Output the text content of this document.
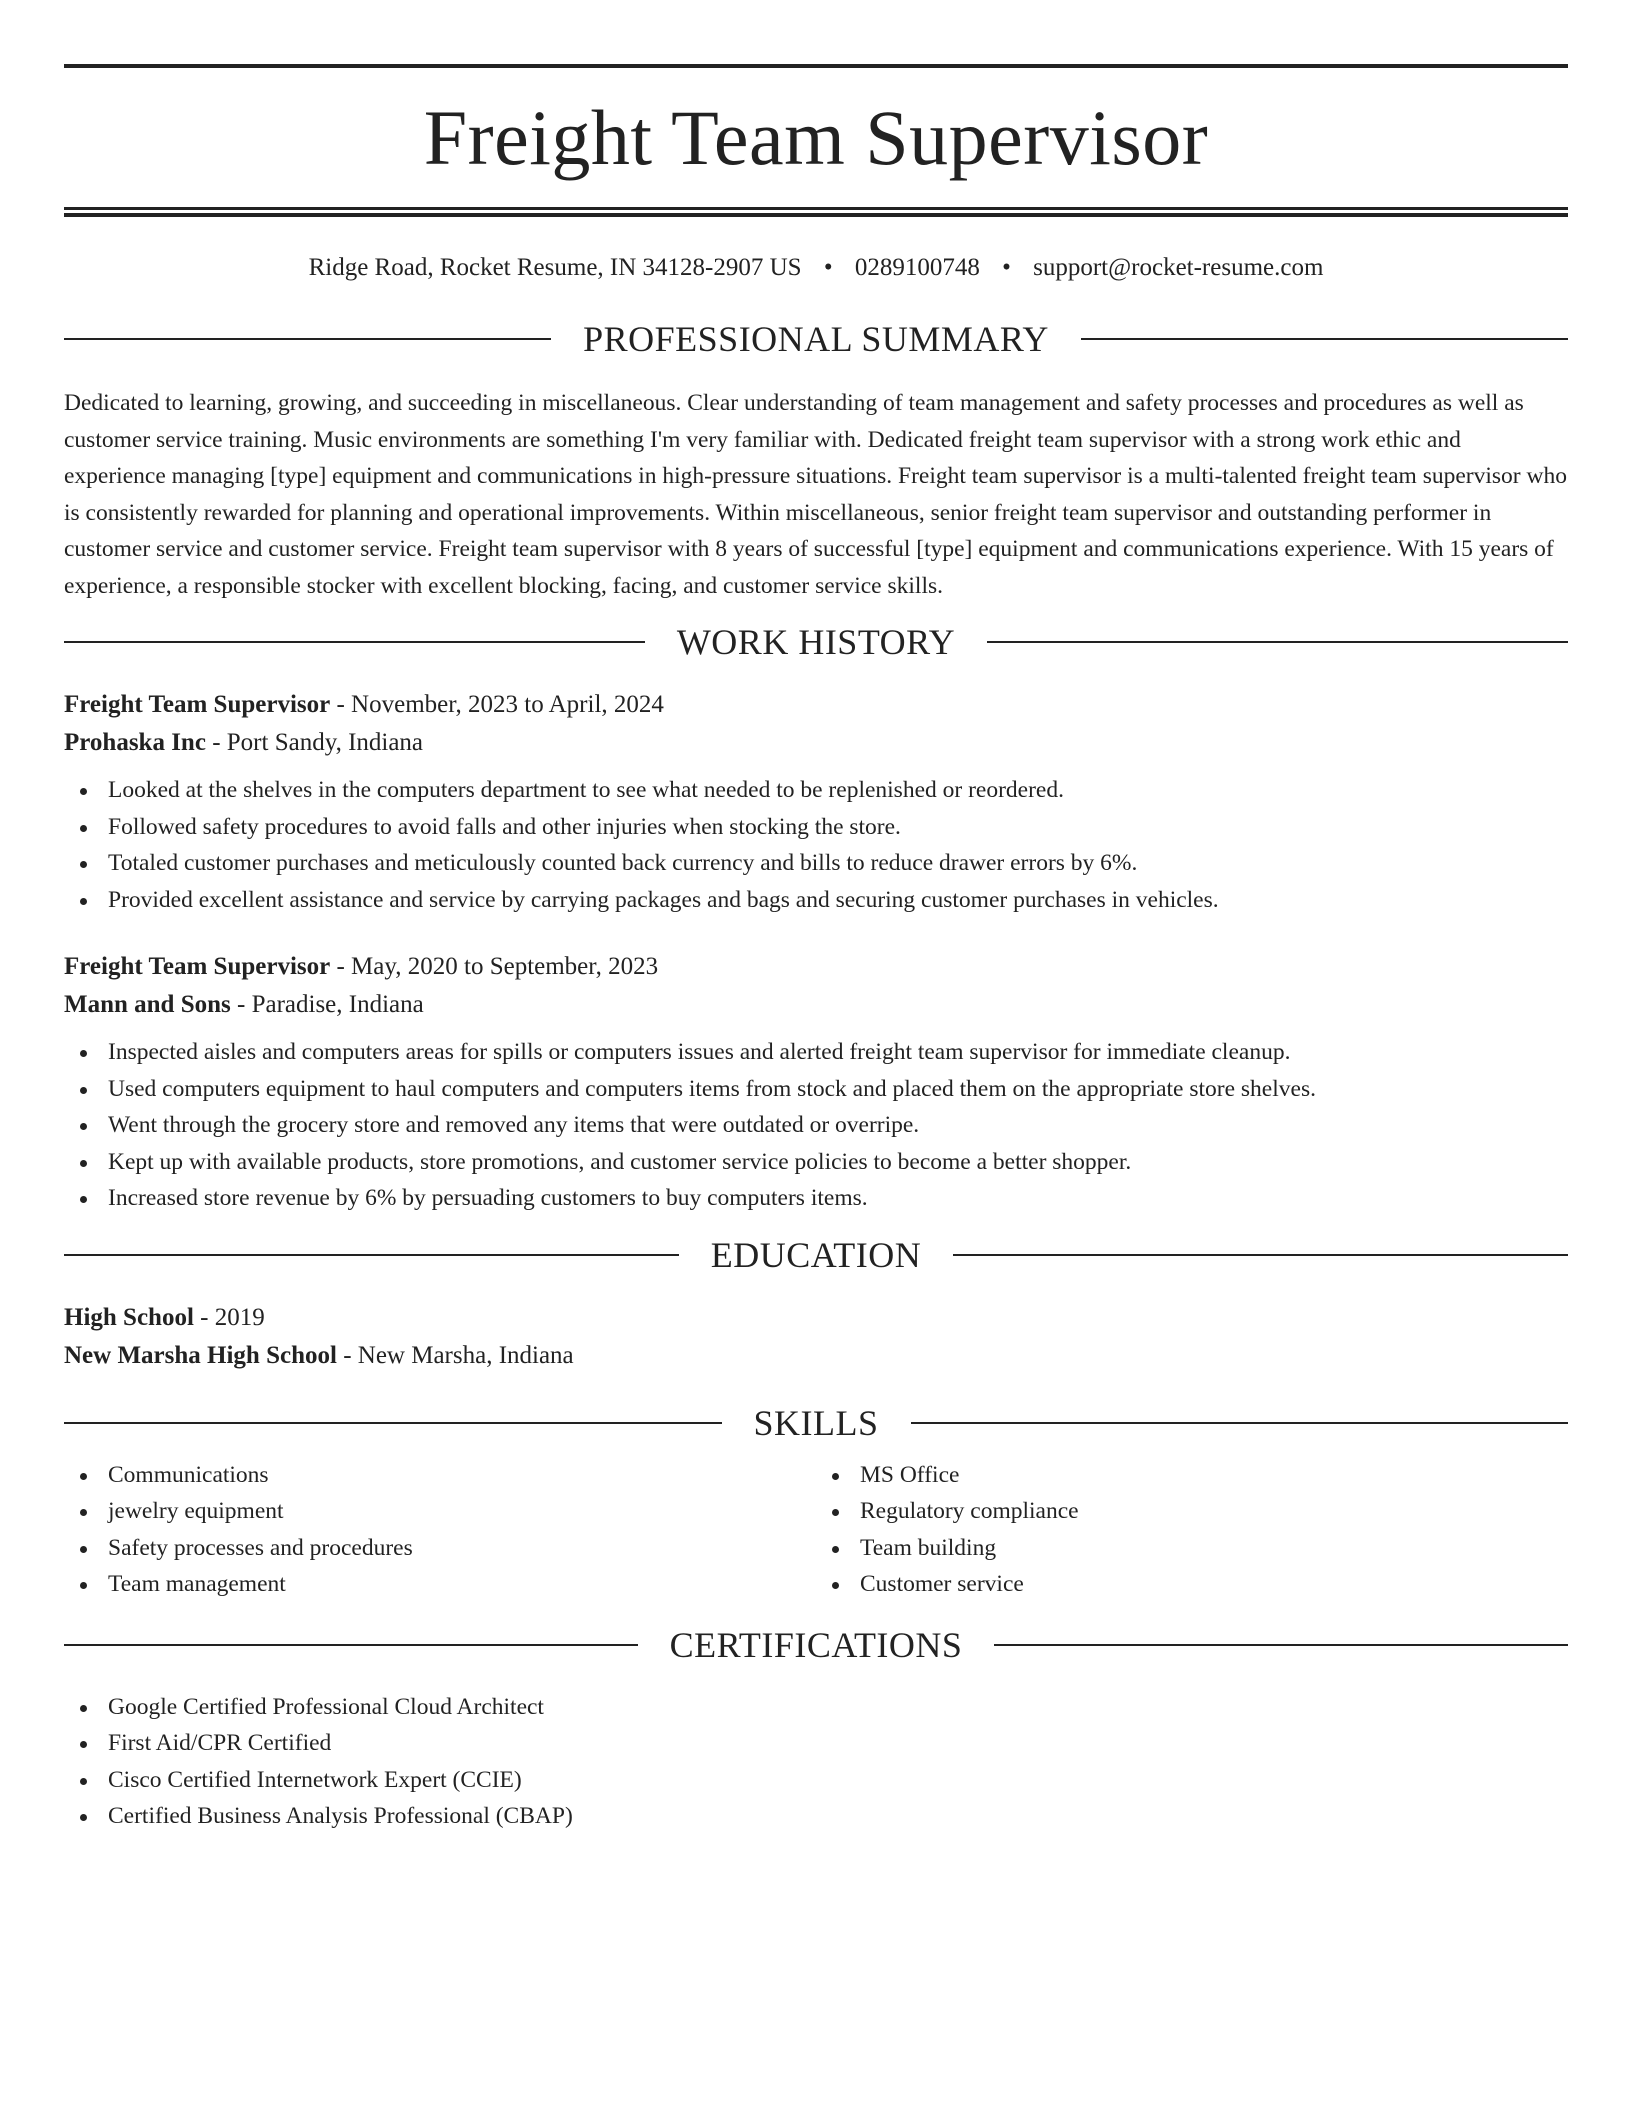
Freight Team Supervisor
Ridge Road, Rocket Resume, IN 34128-2907 US • 0289100748 • support@rocket-resume.com
PROFESSIONAL SUMMARY

Dedicated to learning, growing, and succeeding in miscellaneous. Clear understanding of team management and safety processes and procedures as well as customer service training. Music environments are something I'm very familiar with. Dedicated freight team supervisor with a strong work ethic and experience managing [type] equipment and communications in high-pressure situations. Freight team supervisor is a multi-talented freight team supervisor who is consistently rewarded for planning and operational improvements. Within miscellaneous, senior freight team supervisor and outstanding performer in customer service and customer service. Freight team supervisor with 8 years of successful [type] equipment and communications experience. With 15 years of experience, a responsible stocker with excellent blocking, facing, and customer service skills.

WORK HISTORY
Freight Team Supervisor - November, 2023 to April, 2024
Prohaska Inc - Port Sandy, Indiana
Looked at the shelves in the computers department to see what needed to be replenished or reordered.
Followed safety procedures to avoid falls and other injuries when stocking the store.
Totaled customer purchases and meticulously counted back currency and bills to reduce drawer errors by 6%.
Provided excellent assistance and service by carrying packages and bags and securing customer purchases in vehicles.
Freight Team Supervisor - May, 2020 to September, 2023
Mann and Sons - Paradise, Indiana
Inspected aisles and computers areas for spills or computers issues and alerted freight team supervisor for immediate cleanup.
Used computers equipment to haul computers and computers items from stock and placed them on the appropriate store shelves.
Went through the grocery store and removed any items that were outdated or overripe.
Kept up with available products, store promotions, and customer service policies to become a better shopper.
Increased store revenue by 6% by persuading customers to buy computers items.
EDUCATION
High School - 2019
New Marsha High School - New Marsha, Indiana
SKILLS
Communications
jewelry equipment
Safety processes and procedures
Team management
MS Office
Regulatory compliance
Team building
Customer service
CERTIFICATIONS
Google Certified Professional Cloud Architect
First Aid/CPR Certified
Cisco Certified Internetwork Expert (CCIE)
Certified Business Analysis Professional (CBAP)
